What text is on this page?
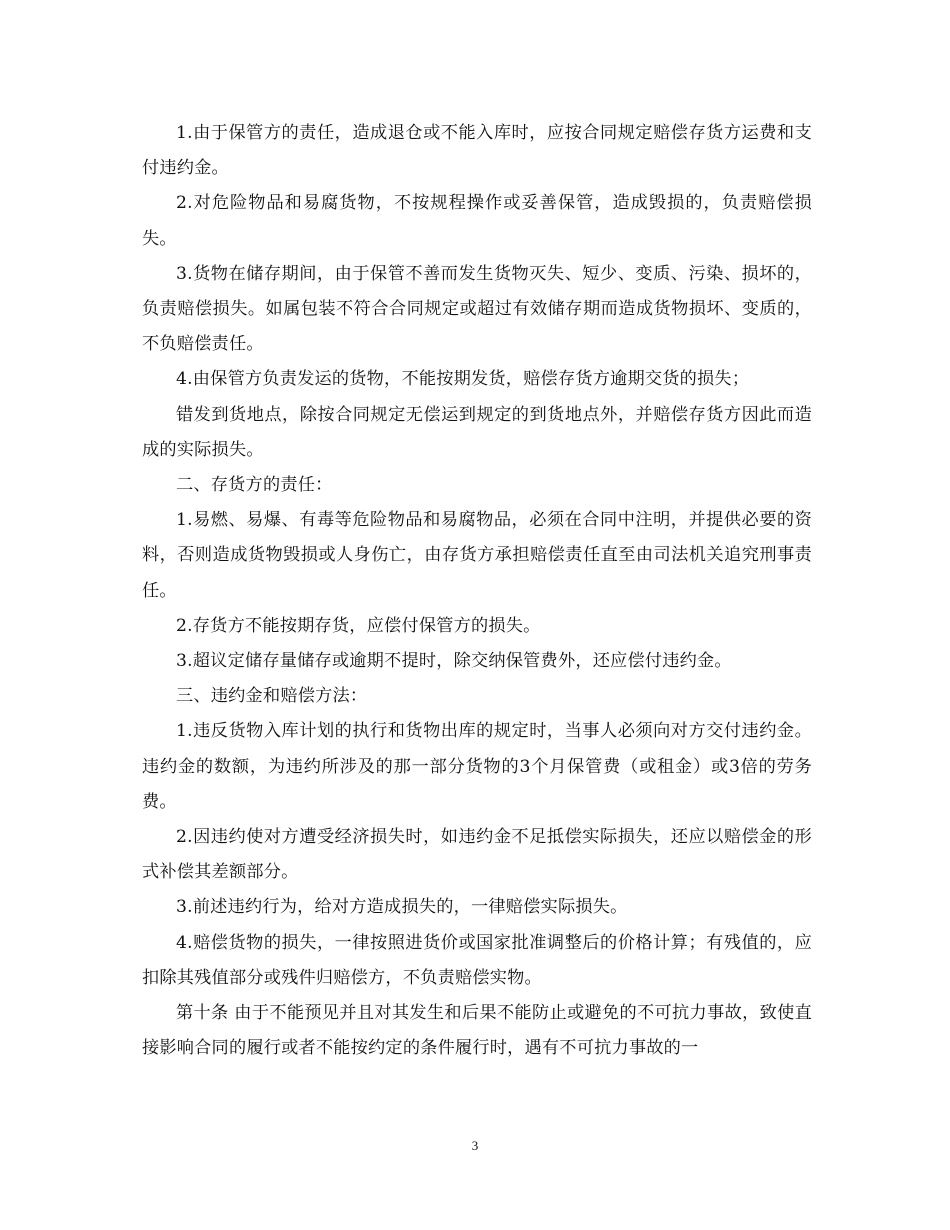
1.由于保管方的责任，造成退仓或不能入库时，应按合同规定赔偿存货方运费和支付违约金。

2.对危险物品和易腐货物，不按规程操作或妥善保管，造成毁损的，负责赔偿损失。

3.货物在储存期间，由于保管不善而发生货物灭失、短少、变质、污染、损坏的，负责赔偿损失。如属包装不符合合同规定或超过有效储存期而造成货物损坏、变质的，不负赔偿责任。

4.由保管方负责发运的货物，不能按期发货，赔偿存货方逾期交货的损失；

错发到货地点，除按合同规定无偿运到规定的到货地点外，并赔偿存货方因此而造成的实际损失。

二、存货方的责任：

1.易燃、易爆、有毒等危险物品和易腐物品，必须在合同中注明，并提供必要的资料，否则造成货物毁损或人身伤亡，由存货方承担赔偿责任直至由司法机关追究刑事责任。

2.存货方不能按期存货，应偿付保管方的损失。

3.超议定储存量储存或逾期不提时，除交纳保管费外，还应偿付违约金。

三、违约金和赔偿方法：

1.违反货物入库计划的执行和货物出库的规定时，当事人必须向对方交付违约金。违约金的数额，为违约所涉及的那一部分货物的3个月保管费（或租金）或3倍的劳务费。

2.因违约使对方遭受经济损失时，如违约金不足抵偿实际损失，还应以赔偿金的形式补偿其差额部分。

3.前述违约行为，给对方造成损失的，一律赔偿实际损失。

4.赔偿货物的损失，一律按照进货价或国家批准调整后的价格计算；有残值的，应扣除其残值部分或残件归赔偿方，不负责赔偿实物。

第十条 由于不能预见并且对其发生和后果不能防止或避免的不可抗力事故，致使直接影响合同的履行或者不能按约定的条件履行时，遇有不可抗力事故的一

3
